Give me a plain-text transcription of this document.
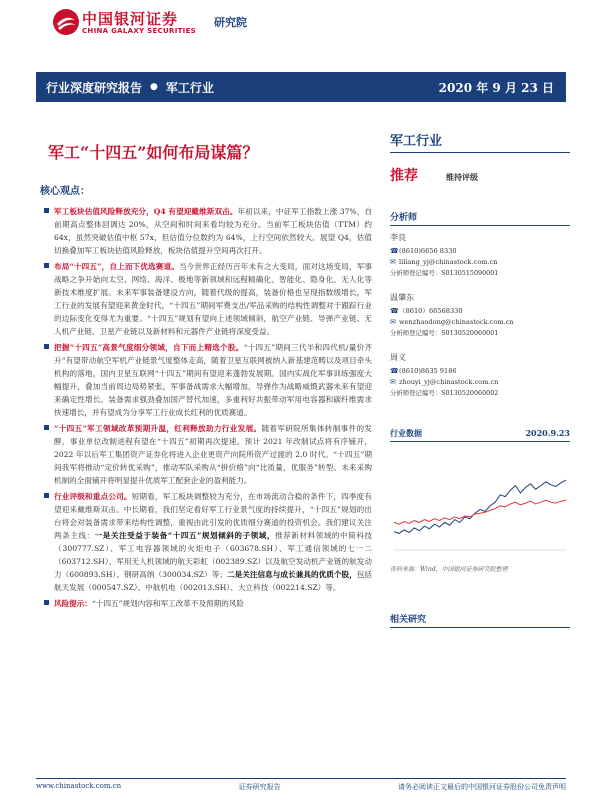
中国银河证券
CHINA GALAXY SECURITIES
研究院
行业深度研究报告 ● 军工行业	2020 年 9 月 23 日
军工“十四五”如何布局谋篇？
军工行业
推荐	维持评级
核心观点：
军工板块估值风险释放充分，Q4 有望迎戴维斯双击。年初以来，中证军工指数上涨 37%，自前期高点整体回调达 20%，从空间和时间来看均较为充分。当前军工板块估值（TTM）约 64x，虽然突破估值中枢 57x，但估值分位数约为 64%，上行空间依然较大。展望 Q4，估值切换叠加军工板块估值风险释放，板块估值提升空间再次打开。
布局“十四五”，自上而下优选赛道。当今世界正经历百年未有之大变局，面对这场变局，军事战略之争开始向太空、网络、海洋、极地等新领域和远程精确化、智能化、隐身化、无人化等新技术维度扩展。未来军事装备建设方向，随着代级的提高，装备价格也呈现指数级增长，军工行业的发展有望迎来黄金时代，“十四五”期间军费支出/军品采购的结构性调整对于跟踪行业的边际变化变得尤为重要。“十四五”规划有望向上述领域倾斜，航空产业链、导弹产业链、无人机产业链、卫星产业链以及新材料和元器件产业链将深度受益。
把握“十四五”高景气度细分领域，自下而上精选个股。“十四五”期间三代半和四代机/量价齐升“有望带动航空军机产业链景气度整体走高，随着卫星互联网被纳入新基建范畴以及项目牵头机构的落地，国内卫星互联网“十四五”期间有望迎来蓬勃发展期。国内实战化军事训练强度大幅提升，叠加当前周边局势紧张，军事备战需求大幅增加，导弹作为战略威慑武器未来有望迎来确定性增长。装备需求强劲叠加国产替代加速，多重利好共振带动军用电容器和碳纤维需求快速增长，并有望成为分享军工行业成长红利的优质赛道。
“十四五”军工领域改革预期升温，红利释放助力行业发展。随着军研院所集体转制事件的发酵，事业单位改制进程有望在“十四五”初期再次提速。预计 2021 年改制试点将有序铺开，2022 年以后军工集团资产证券化将进入企业更资产向院所资产过渡的 2.0 时代。“十四五”期间我军将推动“定价转优采购”，推动军队采购从“拼价格”向“比质量，优服务”转型。未来采购机制的全面铺开将明显提升优质军工配套企业的盈利能力。
行业评级和重点公司。短期看，军工板块调整较为充分，在市场流动合稳的条件下，四季度有望迎来戴维斯双击。中长期看，我们坚定看好军工行业景气度的持续提升，“十四五”规划的出台将会对装备需求带来结构性调整，重视由此引发的优质细分赛道的投资机会。我们建议关注两条主线：一是关注受益于装备“十四五”规划倾斜的子领域，推荐新材料领域的中简科技（300777.SZ）、军工电容器领域的火炬电子（603678.SH）、军工通信领域的七一二（603712.SH）、军用无人机领域的航天彩虹（002389.SZ）以及航空发动机产业链的航发动力（600893.SH）、钢研高纳（300034.SZ）等；二是关注信息与成长兼具的优质个股，包括航天发展（000547.SZ）、中航机电（002013.SH）、大立科技（002214.SZ）等。
风险提示：“十四五”规划内容和军工改革不及预期的风险
分析师
李良
☎ (8610)6656 8330
✉ liliang_yj@chinastock.com.cn
分析师登记编号：S0130515090001
温肇东
☎ （8610）66568330
✉ wenzhaodong@chinastock.com.cn
分析师登记编号：S0130520060001
周义
☎ (8610)8635 9186
✉ zhouyi_yj@chinastock.com.cn
分析师登记编号：S0130520060002
行业数据	2020.9.23
资料来源：Wind，中国银河证券研究院整理
相关研究
www.chinastock.com.cn	证券研究报告	请务必阅读正文最后的中国银河证券股份公司免责声明
